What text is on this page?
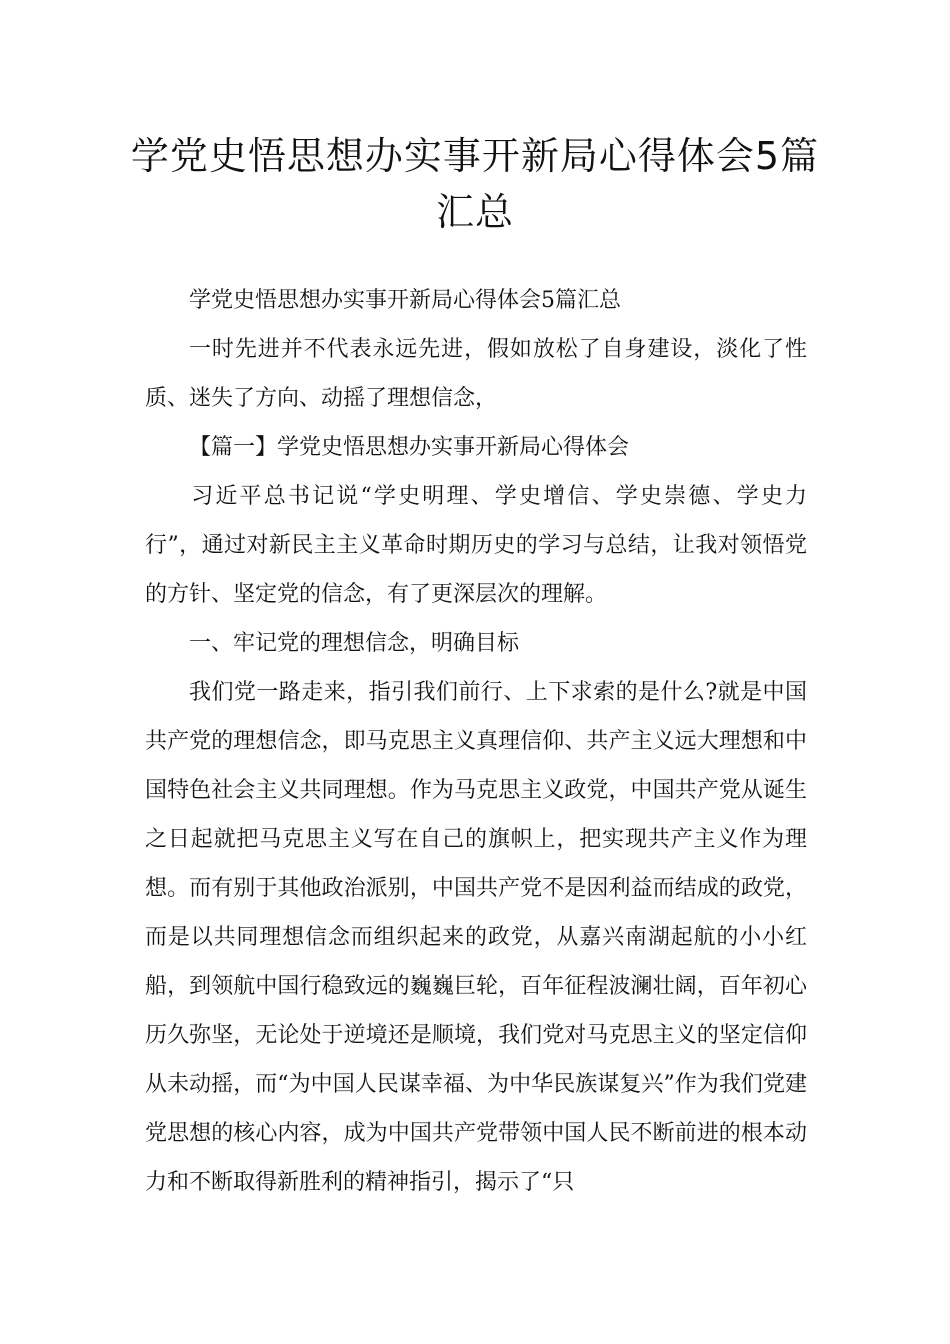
学党史悟思想办实事开新局心得体会5篇汇总

学党史悟思想办实事开新局心得体会5篇汇总

一时先进并不代表永远先进，假如放松了自身建设，淡化了性质、迷失了方向、动摇了理想信念，

【篇一】学党史悟思想办实事开新局心得体会

习近平总书记说“学史明理、学史增信、学史崇德、学史力行”，通过对新民主主义革命时期历史的学习与总结，让我对领悟党的方针、坚定党的信念，有了更深层次的理解。

一、牢记党的理想信念，明确目标

我们党一路走来，指引我们前行、上下求索的是什么?就是中国共产党的理想信念，即马克思主义真理信仰、共产主义远大理想和中国特色社会主义共同理想。作为马克思主义政党，中国共产党从诞生之日起就把马克思主义写在自己的旗帜上，把实现共产主义作为理想。而有别于其他政治派别，中国共产党不是因利益而结成的政党，而是以共同理想信念而组织起来的政党，从嘉兴南湖起航的小小红船，到领航中国行稳致远的巍巍巨轮，百年征程波澜壮阔，百年初心历久弥坚，无论处于逆境还是顺境，我们党对马克思主义的坚定信仰从未动摇，而“为中国人民谋幸福、为中华民族谋复兴”作为我们党建党思想的核心内容，成为中国共产党带领中国人民不断前进的根本动力和不断取得新胜利的精神指引，揭示了“只
